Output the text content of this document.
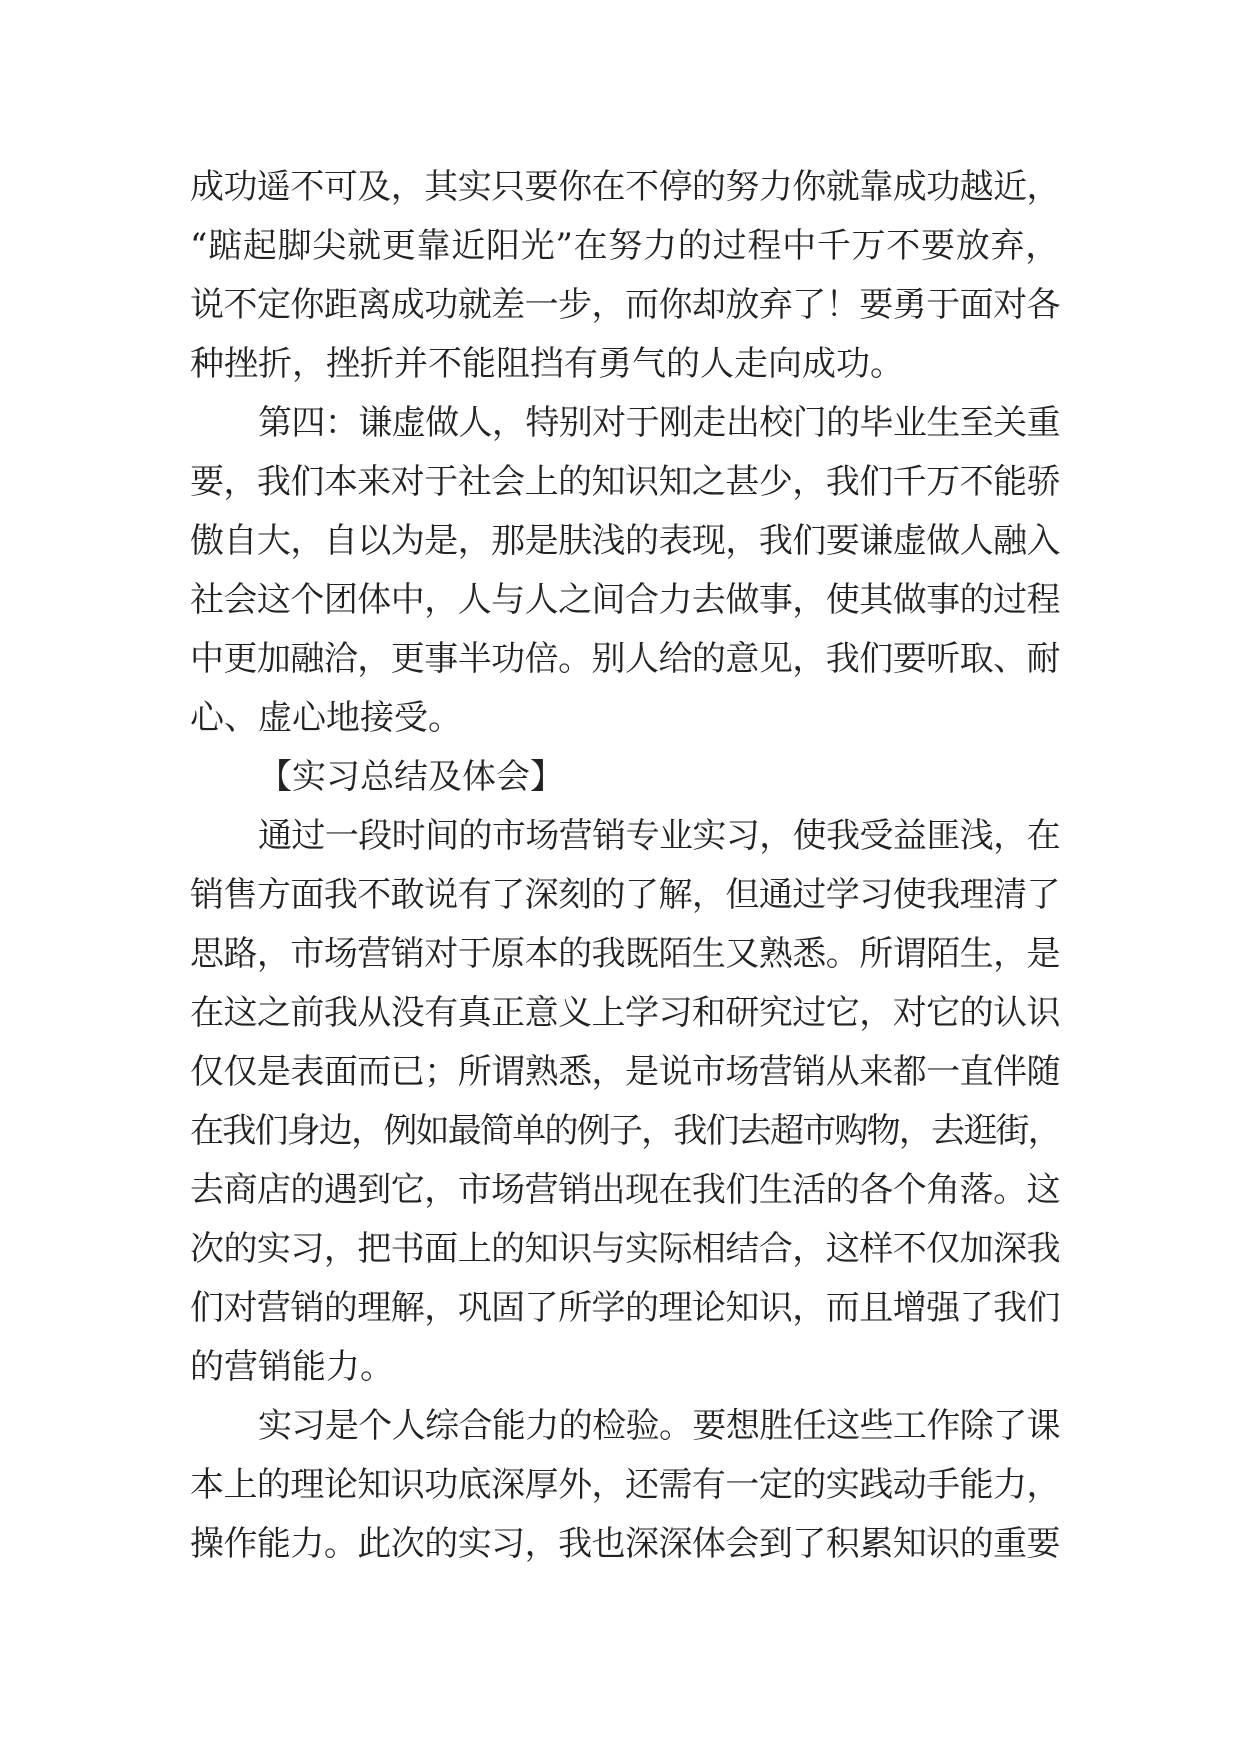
成功遥不可及，其实只要你在不停的努力你就靠成功越近，
“踮起脚尖就更靠近阳光”在努力的过程中千万不要放弃，
说不定你距离成功就差一步，而你却放弃了！要勇于面对各
种挫折，挫折并不能阻挡有勇气的人走向成功。
第四：谦虚做人，特别对于刚走出校门的毕业生至关重
要，我们本来对于社会上的知识知之甚少，我们千万不能骄
傲自大，自以为是，那是肤浅的表现，我们要谦虚做人融入
社会这个团体中，人与人之间合力去做事，使其做事的过程
中更加融洽，更事半功倍。别人给的意见，我们要听取、耐
心、虚心地接受。
【实习总结及体会】
通过一段时间的市场营销专业实习，使我受益匪浅，在
销售方面我不敢说有了深刻的了解，但通过学习使我理清了
思路，市场营销对于原本的我既陌生又熟悉。所谓陌生，是
在这之前我从没有真正意义上学习和研究过它，对它的认识
仅仅是表面而已；所谓熟悉，是说市场营销从来都一直伴随
在我们身边，例如最简单的例子，我们去超市购物，去逛街，
去商店的遇到它，市场营销出现在我们生活的各个角落。这
次的实习，把书面上的知识与实际相结合，这样不仅加深我
们对营销的理解，巩固了所学的理论知识，而且增强了我们
的营销能力。
实习是个人综合能力的检验。要想胜任这些工作除了课
本上的理论知识功底深厚外，还需有一定的实践动手能力，
操作能力。此次的实习，我也深深体会到了积累知识的重要
